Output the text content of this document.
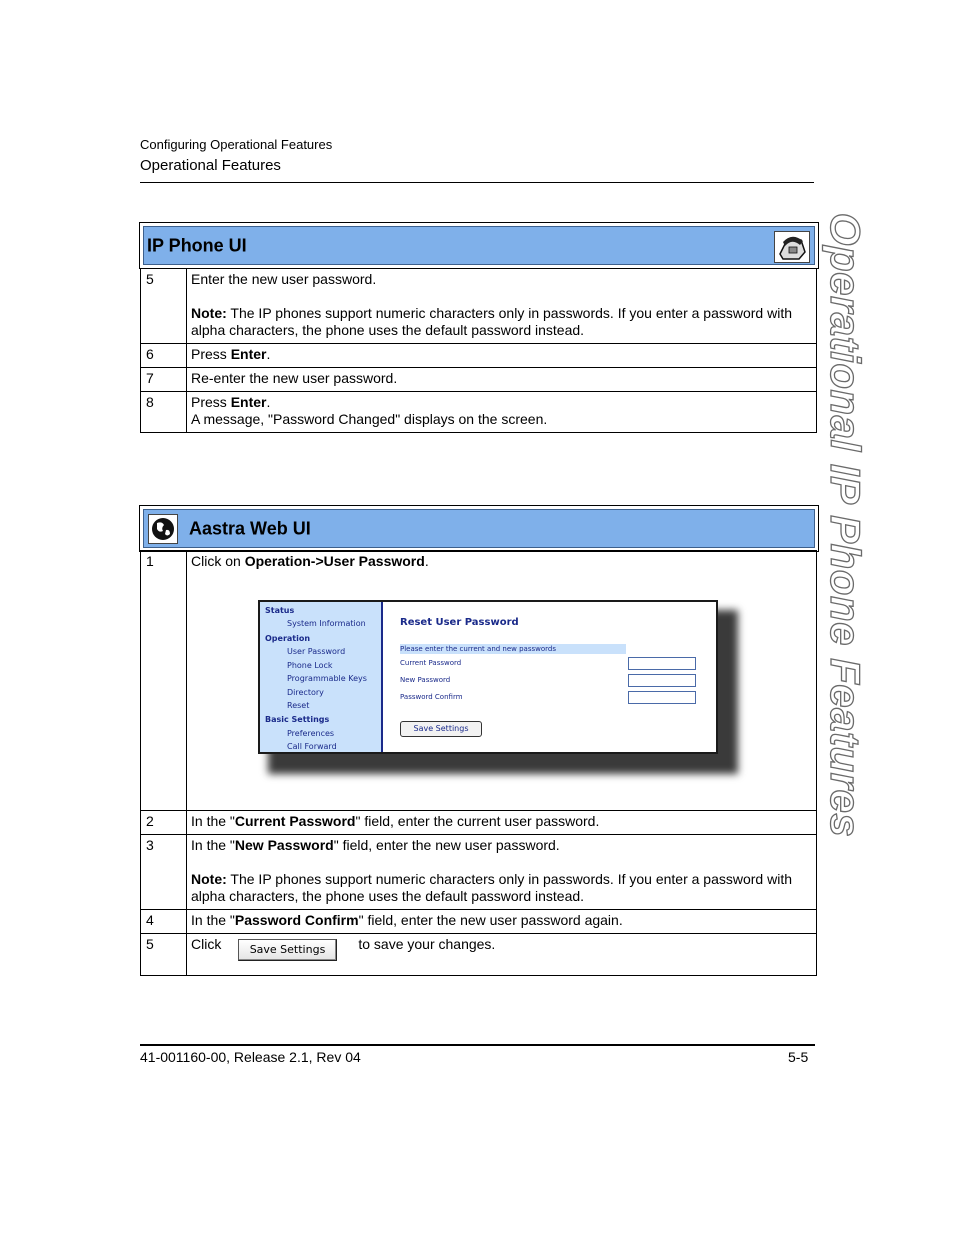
Configuring Operational Features
Operational Features
Operational IP Phone Features
IP Phone UI
5	Enter the new user password.
Note: The IP phones support numeric characters only in passwords. If you enter a password with alpha characters, the phone uses the default password instead.

6	Press Enter.
7	Re-enter the new user password.
8	Press Enter.
A message, "Password Changed" displays on the screen.
Aastra Web UI
1	Click on Operation->User Password.
2	In the "Current Password" field, enter the current user password.
3	In the "New Password" field, enter the new user password.
Note: The IP phones support numeric characters only in passwords. If you enter a password with alpha characters, the phone uses the default password instead.

4	In the "Password Confirm" field, enter the new user password again.
5	Click to save your changes.
Save Settings
Status
System Information
Operation
User Password
Phone Lock
Programmable Keys
Directory
Reset
Basic Settings
Preferences
Call Forward
Reset User Password
Please enter the current and new passwords
Current Password
New Password
Password Confirm
Save Settings
41-001160-00, Release 2.1, Rev 04	5-5
